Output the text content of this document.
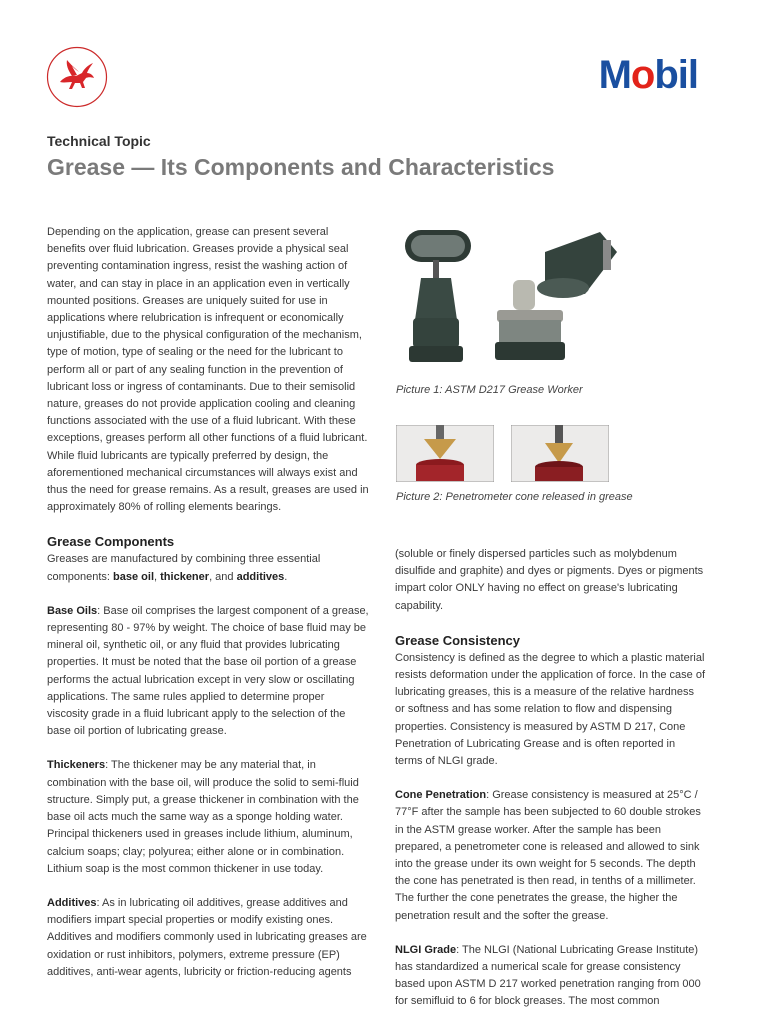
Mobil
Technical Topic
Grease — Its Components and Characteristics

Depending on the application, grease can present several benefits over fluid lubrication. Greases provide a physical seal preventing contamination ingress, resist the washing action of water, and can stay in place in an application even in vertically mounted positions. Greases are uniquely suited for use in applications where relubrication is infrequent or economically unjustifiable, due to the physical configuration of the mechanism, type of motion, type of sealing or the need for the lubricant to perform all or part of any sealing function in the prevention of lubricant loss or ingress of contaminants. Due to their semisolid nature, greases do not provide application cooling and cleaning functions associated with the use of a fluid lubricant. With these exceptions, greases perform all other functions of a fluid lubricant. While fluid lubricants are typically preferred by design, the aforementioned mechanical circumstances will always exist and thus the need for grease remains. As a result, greases are used in approximately 80% of rolling elements bearings.

Grease Components

Greases are manufactured by combining three essential components: base oil, thickener, and additives.

Base Oils: Base oil comprises the largest component of a grease, representing 80 - 97% by weight. The choice of base fluid may be mineral oil, synthetic oil, or any fluid that provides lubricating properties. It must be noted that the base oil portion of a grease performs the actual lubrication except in very slow or oscillating applications. The same rules applied to determine proper viscosity grade in a fluid lubricant apply to the selection of the base oil portion of lubricating grease.

Thickeners: The thickener may be any material that, in combination with the base oil, will produce the solid to semi-fluid structure. Simply put, a grease thickener in combination with the base oil acts much the same way as a sponge holding water. Principal thickeners used in greases include lithium, aluminum, calcium soaps; clay; polyurea; either alone or in combination. Lithium soap is the most common thickener in use today.

Additives: As in lubricating oil additives, grease additives and modifiers impart special properties or modify existing ones. Additives and modifiers commonly used in lubricating greases are oxidation or rust inhibitors, polymers, extreme pressure (EP) additives, anti-wear agents, lubricity or friction-reducing agents

Picture 1: ASTM D217 Grease Worker
Picture 2: Penetrometer cone released in grease

(soluble or finely dispersed particles such as molybdenum disulfide and graphite) and dyes or pigments. Dyes or pigments impart color ONLY having no effect on grease's lubricating capability.

Grease Consistency

Consistency is defined as the degree to which a plastic material resists deformation under the application of force. In the case of lubricating greases, this is a measure of the relative hardness or softness and has some relation to flow and dispensing properties. Consistency is measured by ASTM D 217, Cone Penetration of Lubricating Grease and is often reported in terms of NLGI grade.

Cone Penetration: Grease consistency is measured at 25°C / 77°F after the sample has been subjected to 60 double strokes in the ASTM grease worker. After the sample has been prepared, a penetrometer cone is released and allowed to sink into the grease under its own weight for 5 seconds. The depth the cone has penetrated is then read, in tenths of a millimeter. The further the cone penetrates the grease, the higher the penetration result and the softer the grease.

NLGI Grade: The NLGI (National Lubricating Grease Institute) has standardized a numerical scale for grease consistency based upon ASTM D 217 worked penetration ranging from 000 for semifluid to 6 for block greases. The most common
